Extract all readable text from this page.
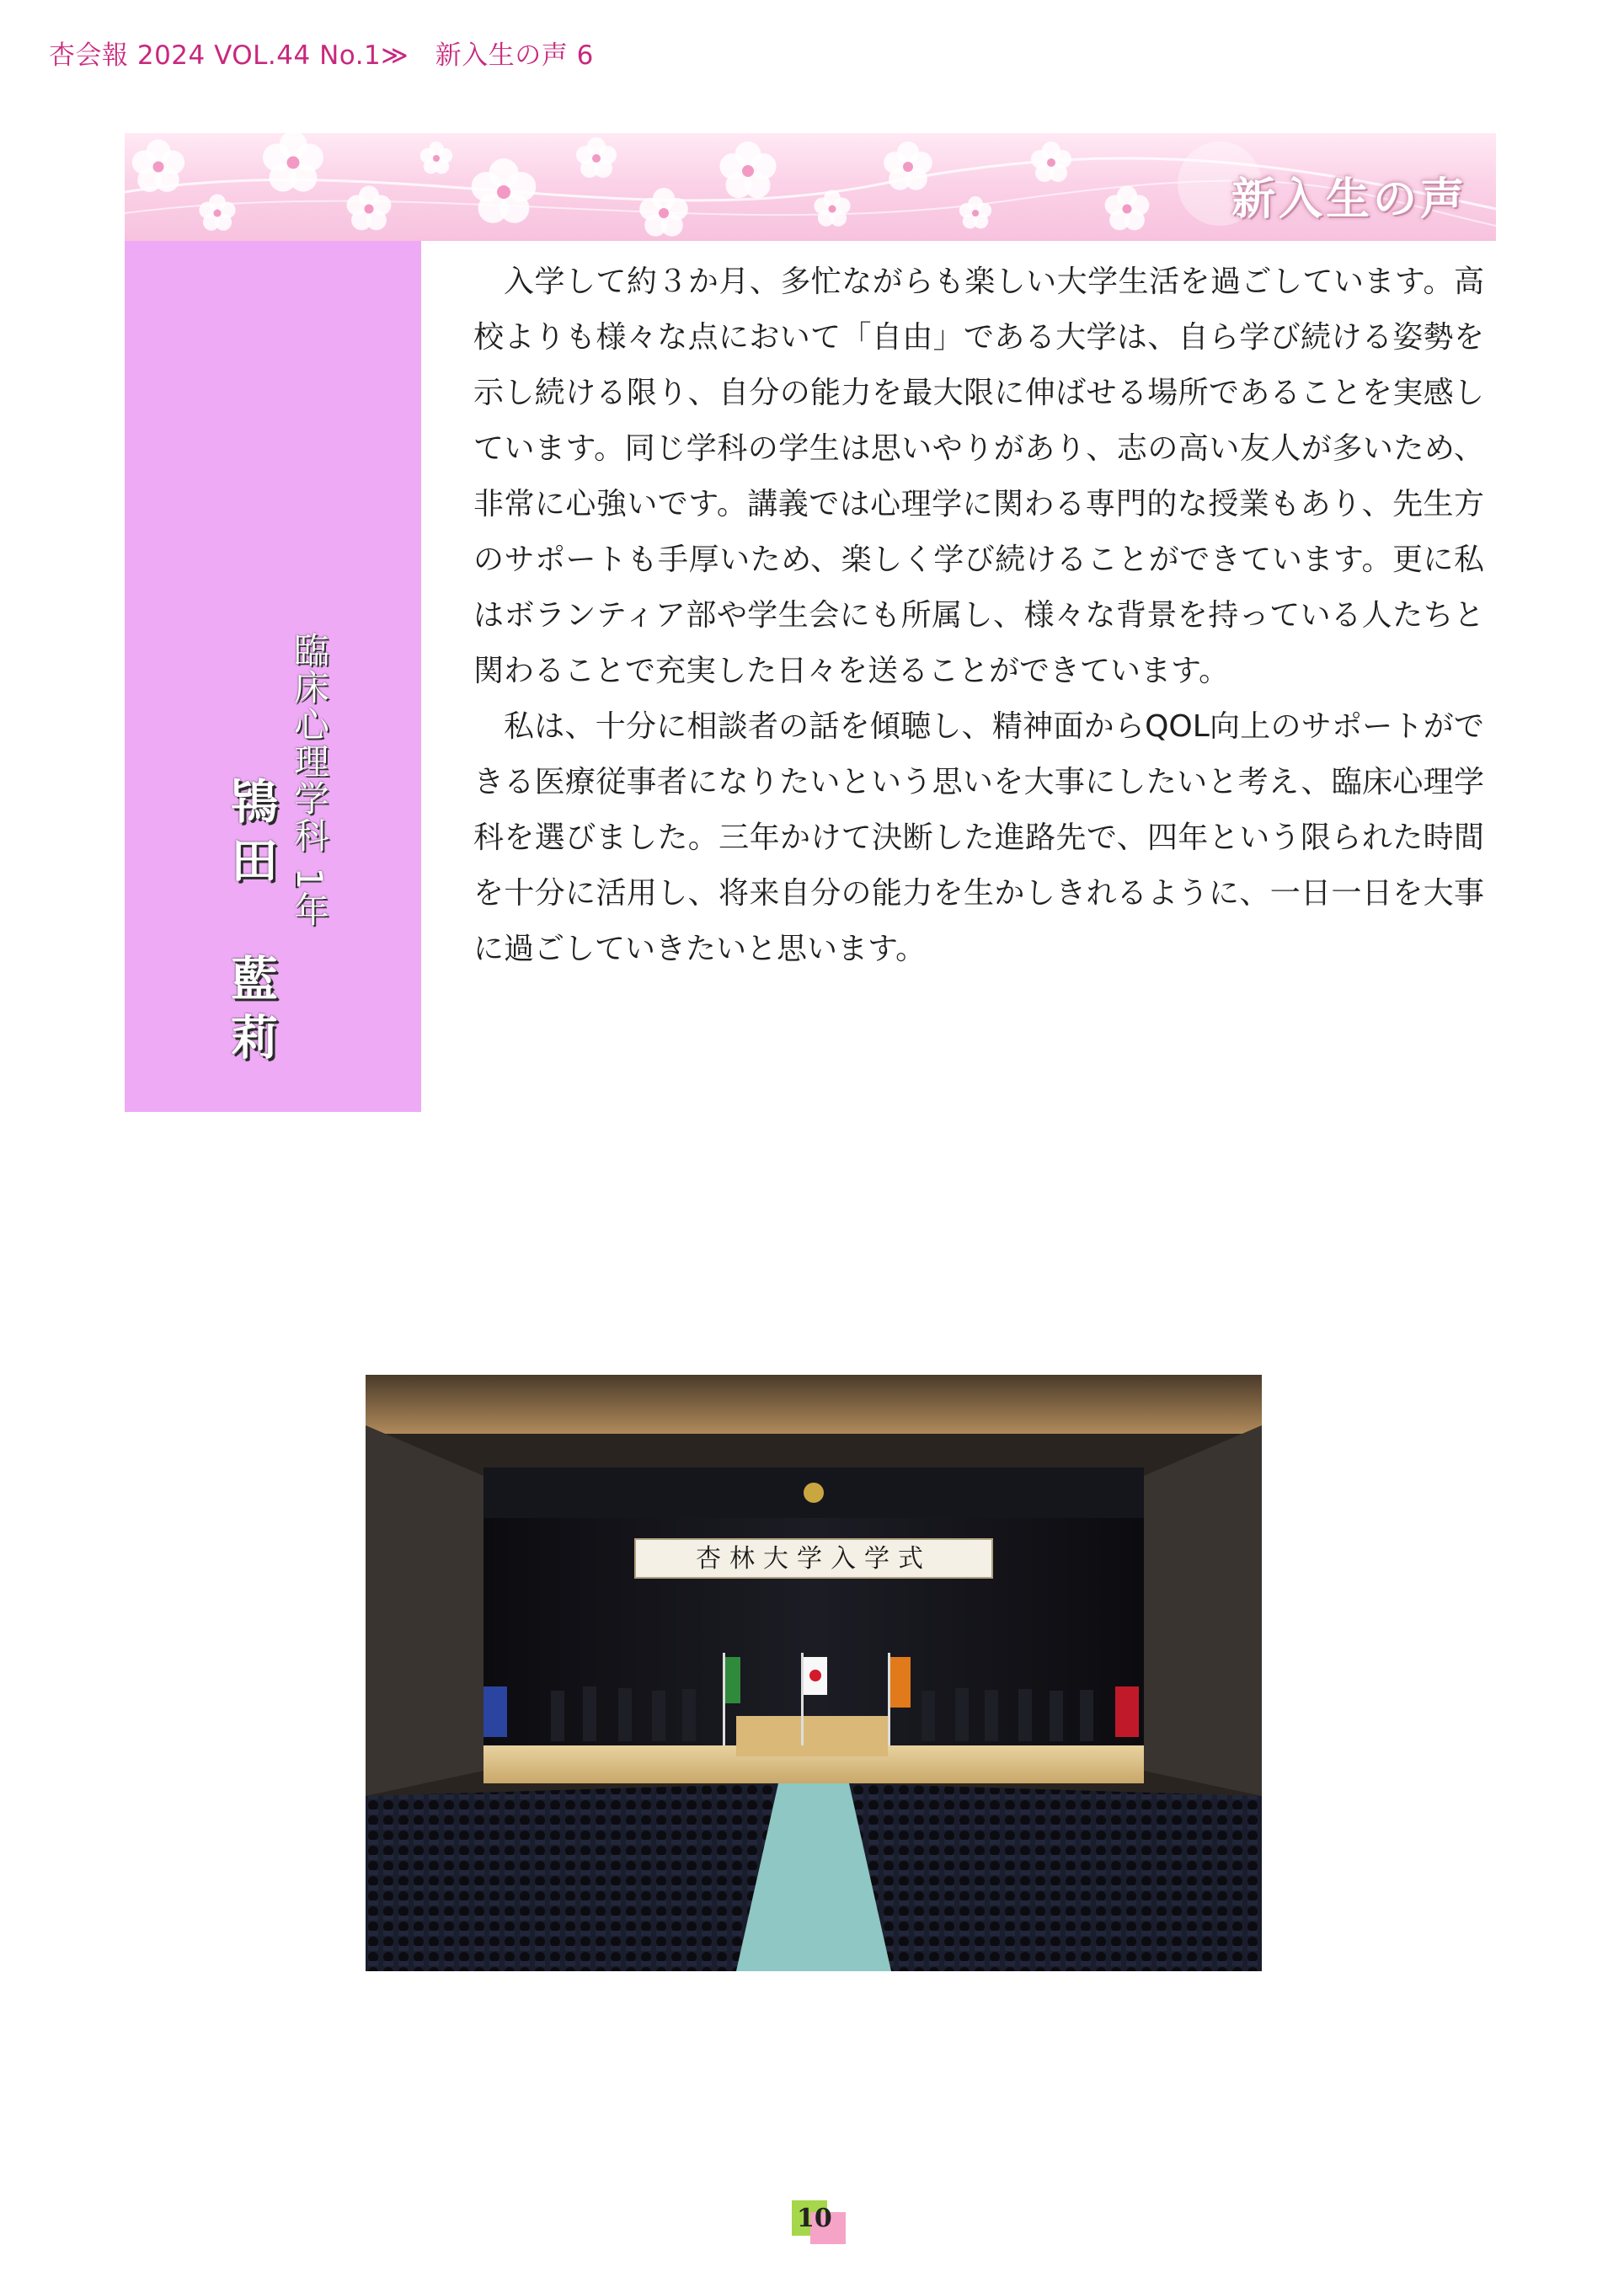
杏会報 2024 VOL.44 No.1≫　新入生の声 6
新入生の声
臨床心理学科 1年
鴇田　藍莉

入学して約３か月、多忙ながらも楽しい大学生活を過ごしています。高校よりも様々な点において「自由」である大学は、自ら学び続ける姿勢を示し続ける限り、自分の能力を最大限に伸ばせる場所であることを実感しています。同じ学科の学生は思いやりがあり、志の高い友人が多いため、非常に心強いです。講義では心理学に関わる専門的な授業もあり、先生方のサポートも手厚いため、楽しく学び続けることができています。更に私はボランティア部や学生会にも所属し、様々な背景を持っている人たちと関わることで充実した日々を送ることができています。

私は、十分に相談者の話を傾聴し、精神面からQOL向上のサポートができる医療従事者になりたいという思いを大事にしたいと考え、臨床心理学科を選びました。三年かけて決断した進路先で、四年という限られた時間を十分に活用し、将来自分の能力を生かしきれるように、一日一日を大事に過ごしていきたいと思います。

杏林大学入学式
10
